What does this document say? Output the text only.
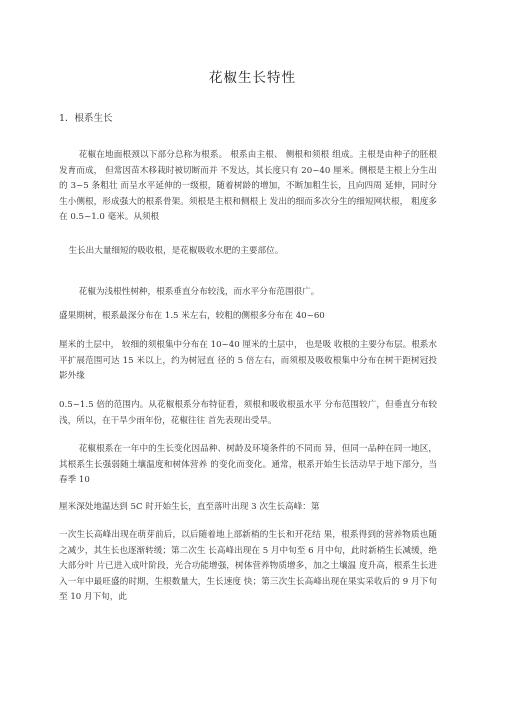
花椒生长特性
1．根系生长

花椒在地面根颈以下部分总称为根系。 根系由主根、 侧根和须根 组成。主根是由种子的胚根发育而成， 但常因苗木移栽时被切断而并 不发达，其长度只有 20~40 厘米。侧根是主根上分生出的 3~5 条粗壮 而呈水平延伸的一级根，随着树龄的增加，不断加粗生长，且向四周 延伸，同时分生小侧根，形成强大的根系骨架。须根是主根和侧根上 发出的细而多次分生的细短网状根， 粗度多在 0.5~1.0 毫米。从须根

生长出大量细短的吸收根，是花椒吸收水肥的主要部位。

花椒为浅根性树种，根系垂直分布较浅，而水平分布范围很广。

盛果期树，根系最深分布在 1.5 米左右，较粗的侧根多分布在 40~60

厘米的土层中， 较细的须根集中分布在 10~40 厘米的土层中， 也是吸 收根的主要分布层。根系水平扩展范围可达 15 米以上，约为树冠直 径的 5 倍左右，而须根及吸收根集中分布在树干距树冠投影外缘

0.5~1.5 倍的范围内。从花椒根系分布特征看，须根和吸收根虽水平 分布范围较广，但垂直分布较浅，所以，在干旱少雨年份，花椒往往 首先表现出受旱。

花椒根系在一年中的生长变化因品种、树龄及环境条件的不同而 异，但同一品种在同一地区， 其根系生长强弱随土壤温度和树体营养 的变化而变化。通常，根系开始生长活动早于地下部分，当春季 10

厘米深处地温达到 5C 时开始生长，直至落叶出现 3 次生长高峰：第

一次生长高峰出现在萌芽前后，以后随着地上部新梢的生长和开花结 果，根系得到的营养物质也随之减少，其生长也逐渐转缓；第二次生 长高峰出现在 5 月中旬至 6 月中旬，此时新梢生长减缓，绝大部分叶 片已进入成叶阶段，光合功能增强，树体营养物质增多，加之土壤温 度升高，根系生长进入一年中最旺盛的时期，生根数量大，生长速度 快；第三次生长高峰出现在果实采收后的 9 月下旬至 10 月下旬，此
